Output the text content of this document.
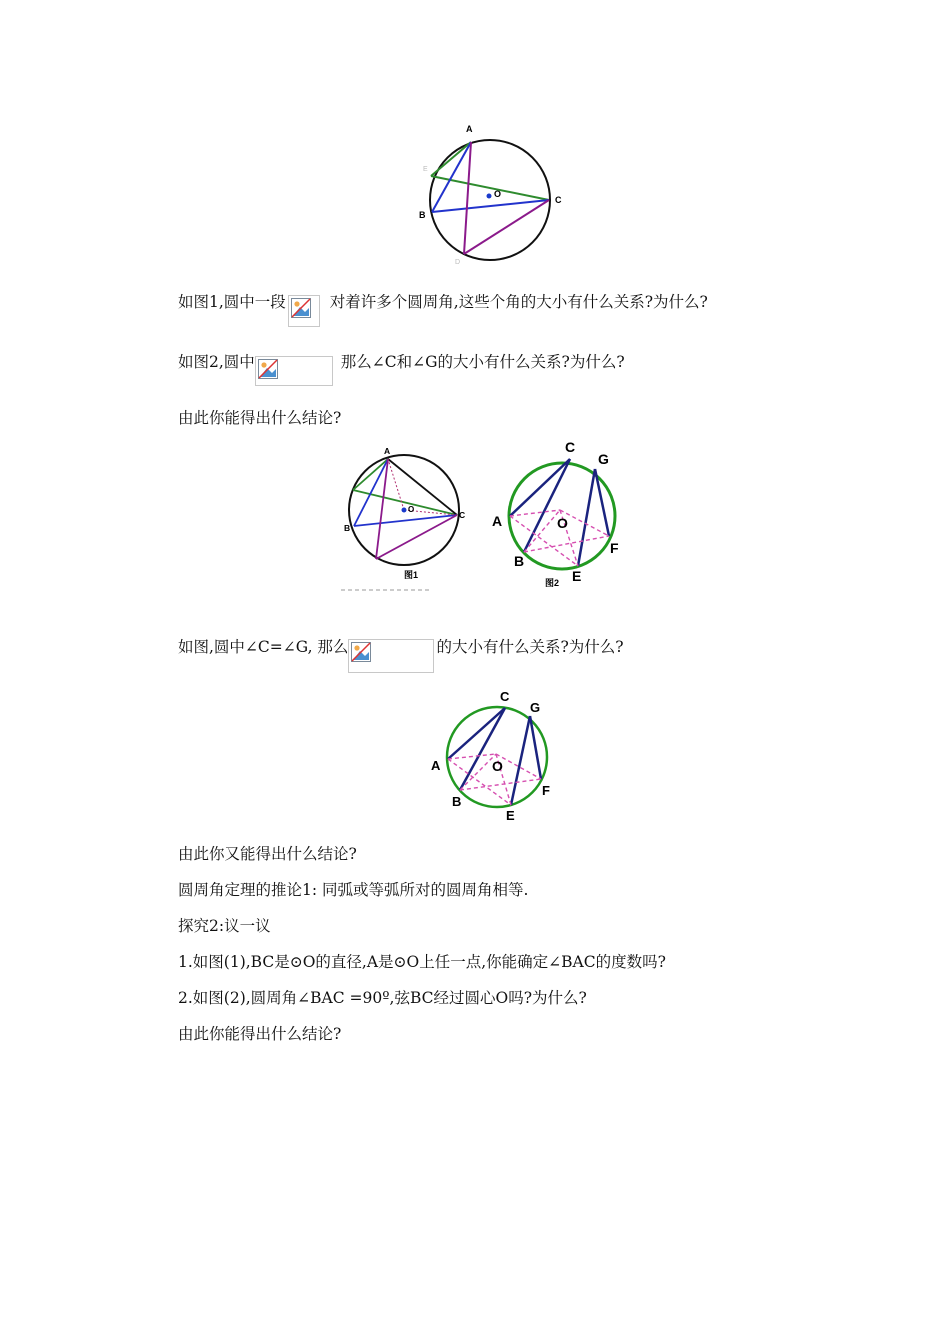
A
B
C
O
E
D
如图1,圆中一段	对着许多个圆周角,这些个角的大小有什么关系?为什么?
如图2,圆中	那么∠C和∠G的大小有什么关系?为什么?
由此你能得出什么结论?
A
B
C
O
图1
C
G
A	O
B
E
F
图2
如图,圆中∠C=∠G, 那么	的大小有什么关系?为什么?
C
G
A	O
B
E
F
由此你又能得出什么结论?
圆周角定理的推论1: 同弧或等弧所对的圆周角相等.
探究2:议一议
1.如图(1),BC是⊙O的直径,A是⊙O上任一点,你能确定∠BAC的度数吗?
2.如图(2),圆周角∠BAC =90º,弦BC经过圆心O吗?为什么?
由此你能得出什么结论?
